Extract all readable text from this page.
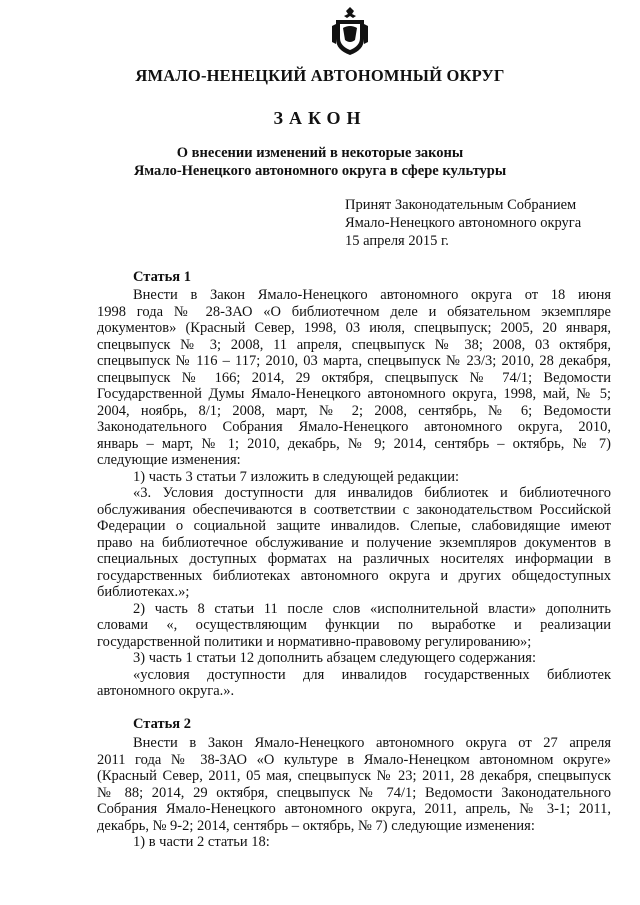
ЯМАЛО-НЕНЕЦКИЙ АВТОНОМНЫЙ ОКРУГ
ЗАКОН
О внесении изменений в некоторые законы
Ямало-Ненецкого автономного округа в сфере культуры
Принят Законодательным Собранием
Ямало-Ненецкого автономного округа
15 апреля 2015 г.
Статья 1

Внести в Закон Ямало-Ненецкого автономного округа от 18 июня

1998 года № 28-ЗАО «О библиотечном деле и обязательном экземпляре

документов» (Красный Север, 1998, 03 июля, спецвыпуск; 2005, 20 января,

спецвыпуск № 3; 2008, 11 апреля, спецвыпуск № 38; 2008, 03 октября,

спецвыпуск № 116 – 117; 2010, 03 марта, спецвыпуск № 23/3; 2010, 28 декабря,

спецвыпуск № 166; 2014, 29 октября, спецвыпуск № 74/1; Ведомости

Государственной Думы Ямало-Ненецкого автономного округа, 1998, май, № 5;

2004, ноябрь, 8/1; 2008, март, № 2; 2008, сентябрь, № 6; Ведомости

Законодательного Собрания Ямало-Ненецкого автономного округа, 2010,

январь – март, № 1; 2010, декабрь, № 9; 2014, сентябрь – октябрь, № 7)

следующие изменения:

1) часть 3 статьи 7 изложить в следующей редакции:

«3. Условия доступности для инвалидов библиотек и библиотечного

обслуживания обеспечиваются в соответствии с законодательством Российской

Федерации о социальной защите инвалидов. Слепые, слабовидящие имеют

право на библиотечное обслуживание и получение экземпляров документов в

специальных доступных форматах на различных носителях информации в

государственных библиотеках автономного округа и других общедоступных

библиотеках.»;

2) часть 8 статьи 11 после слов «исполнительной власти» дополнить

словами «, осуществляющим функции по выработке и реализации

государственной политики и нормативно-правовому регулированию»;

3) часть 1 статьи 12 дополнить абзацем следующего содержания:

«условия доступности для инвалидов государственных библиотек

автономного округа.».

Статья 2

Внести в Закон Ямало-Ненецкого автономного округа от 27 апреля

2011 года № 38-ЗАО «О культуре в Ямало-Ненецком автономном округе»

(Красный Север, 2011, 05 мая, спецвыпуск № 23; 2011, 28 декабря, спецвыпуск

№ 88; 2014, 29 октября, спецвыпуск № 74/1; Ведомости Законодательного

Собрания Ямало-Ненецкого автономного округа, 2011, апрель, № 3-1; 2011,

декабрь, № 9-2; 2014, сентябрь – октябрь, № 7) следующие изменения:

1) в части 2 статьи 18:
